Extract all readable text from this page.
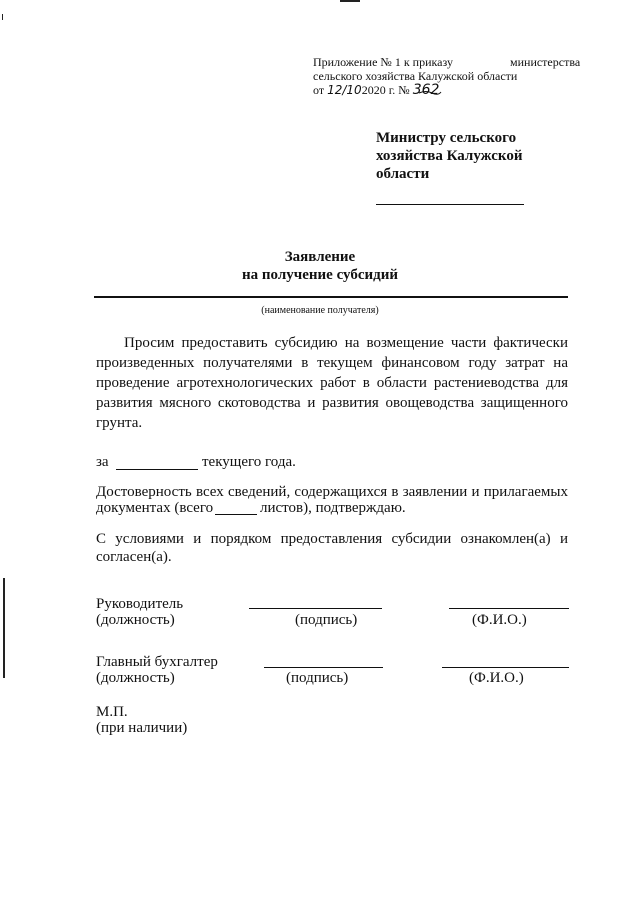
Приложение № 1 к приказу	министерства
сельского хозяйства Калужской области
от 12/102020 г. № 362
Министру сельского
хозяйства Калужской
области
Заявление
на получение субсидий
(наименование получателя)
Просим предоставить субсидию на возмещение части фактически
произведенных получателями в текущем финансовом году затрат на
проведение агротехнологических работ в области растениеводства для
развития мясного скотоводства и развития овощеводства защищенного
грунта.
за	текущего года.
Достоверность всех сведений, содержащихся в заявлении и прилагаемых
документах (всего	листов), подтверждаю.
С условиями и порядком предоставления субсидии ознакомлен(а) и
согласен(а).
Руководитель
(должность)	(подпись)	(Ф.И.О.)
Главный бухгалтер
(должность)	(подпись)	(Ф.И.О.)
М.П.
(при наличии)
